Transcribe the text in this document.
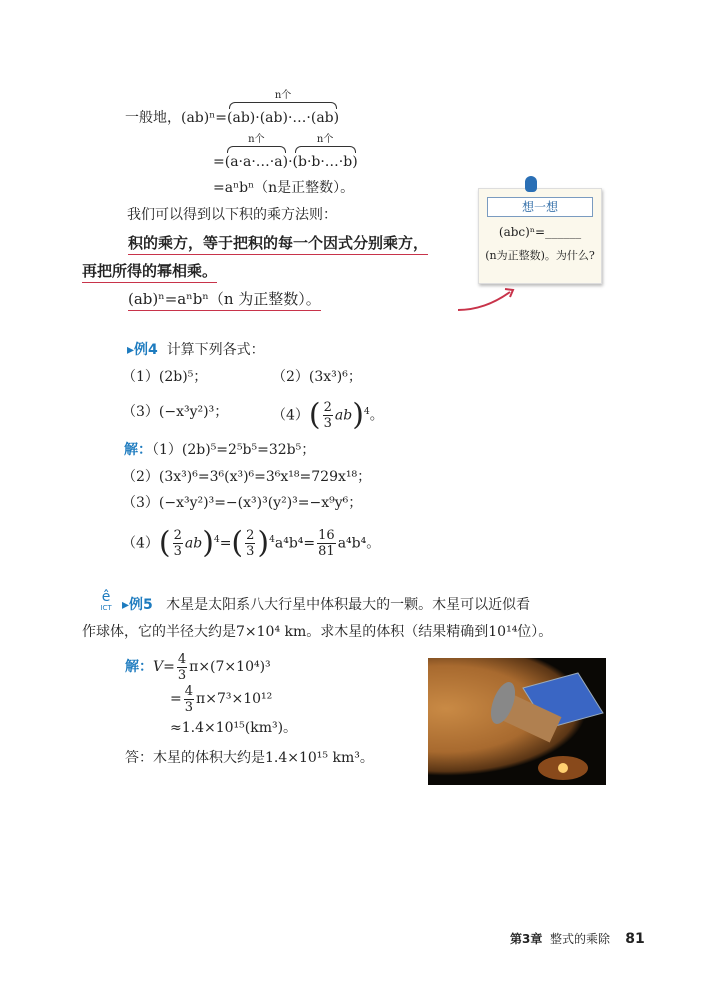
一般地，(ab)ⁿ=
n个
(ab)·(ab)·…·(ab)
=
n个
(a·a·…·a)·
n个
(b·b·…·b)
=aⁿbⁿ（n是正整数）。
我们可以得到以下积的乘方法则：
积的乘方，等于把积的每一个因式分别乘方，
再把所得的幂相乘。
(ab)ⁿ=aⁿbⁿ（n 为正整数）。
想一想
(abc)ⁿ=______
(n为正整数)。为什么?
▸例4 计算下列各式：
（1）(2b)⁵；	（2）(3x³)⁶；
（3）(−x³y²)³；	$(4)( \frac{2}{3} ab)^4$。
解：（1）(2b)⁵=2⁵b⁵=32b⁵；
（2）(3x³)⁶=3⁶(x³)⁶=3⁶x¹⁸=729x¹⁸；
（3）(−x³y²)³=−(x³)³(y²)³=−x⁹y⁶；
$(4)( \frac{2}{3} ab)^4=( \frac{2}{3} )^4a^4b^4= \frac{16}{81} a^4b^4$。
ê
ICT ▸例5 木星是太阳系八大行星中体积最大的一颗。木星可以近似看
作球体，它的半径大约是7×10⁴ km。求木星的体积（结果精确到10¹⁴位）。
解：$V= \frac{4}{3} \pi\times(7\times 10^4)^3$
= $\frac{4}{3} \pi\times 7^3\times 10^{12}$
≈1.4×10¹⁵(km³)。
答：木星的体积大约是1.4×10¹⁵ km³。
第3章 整式的乘除 81
